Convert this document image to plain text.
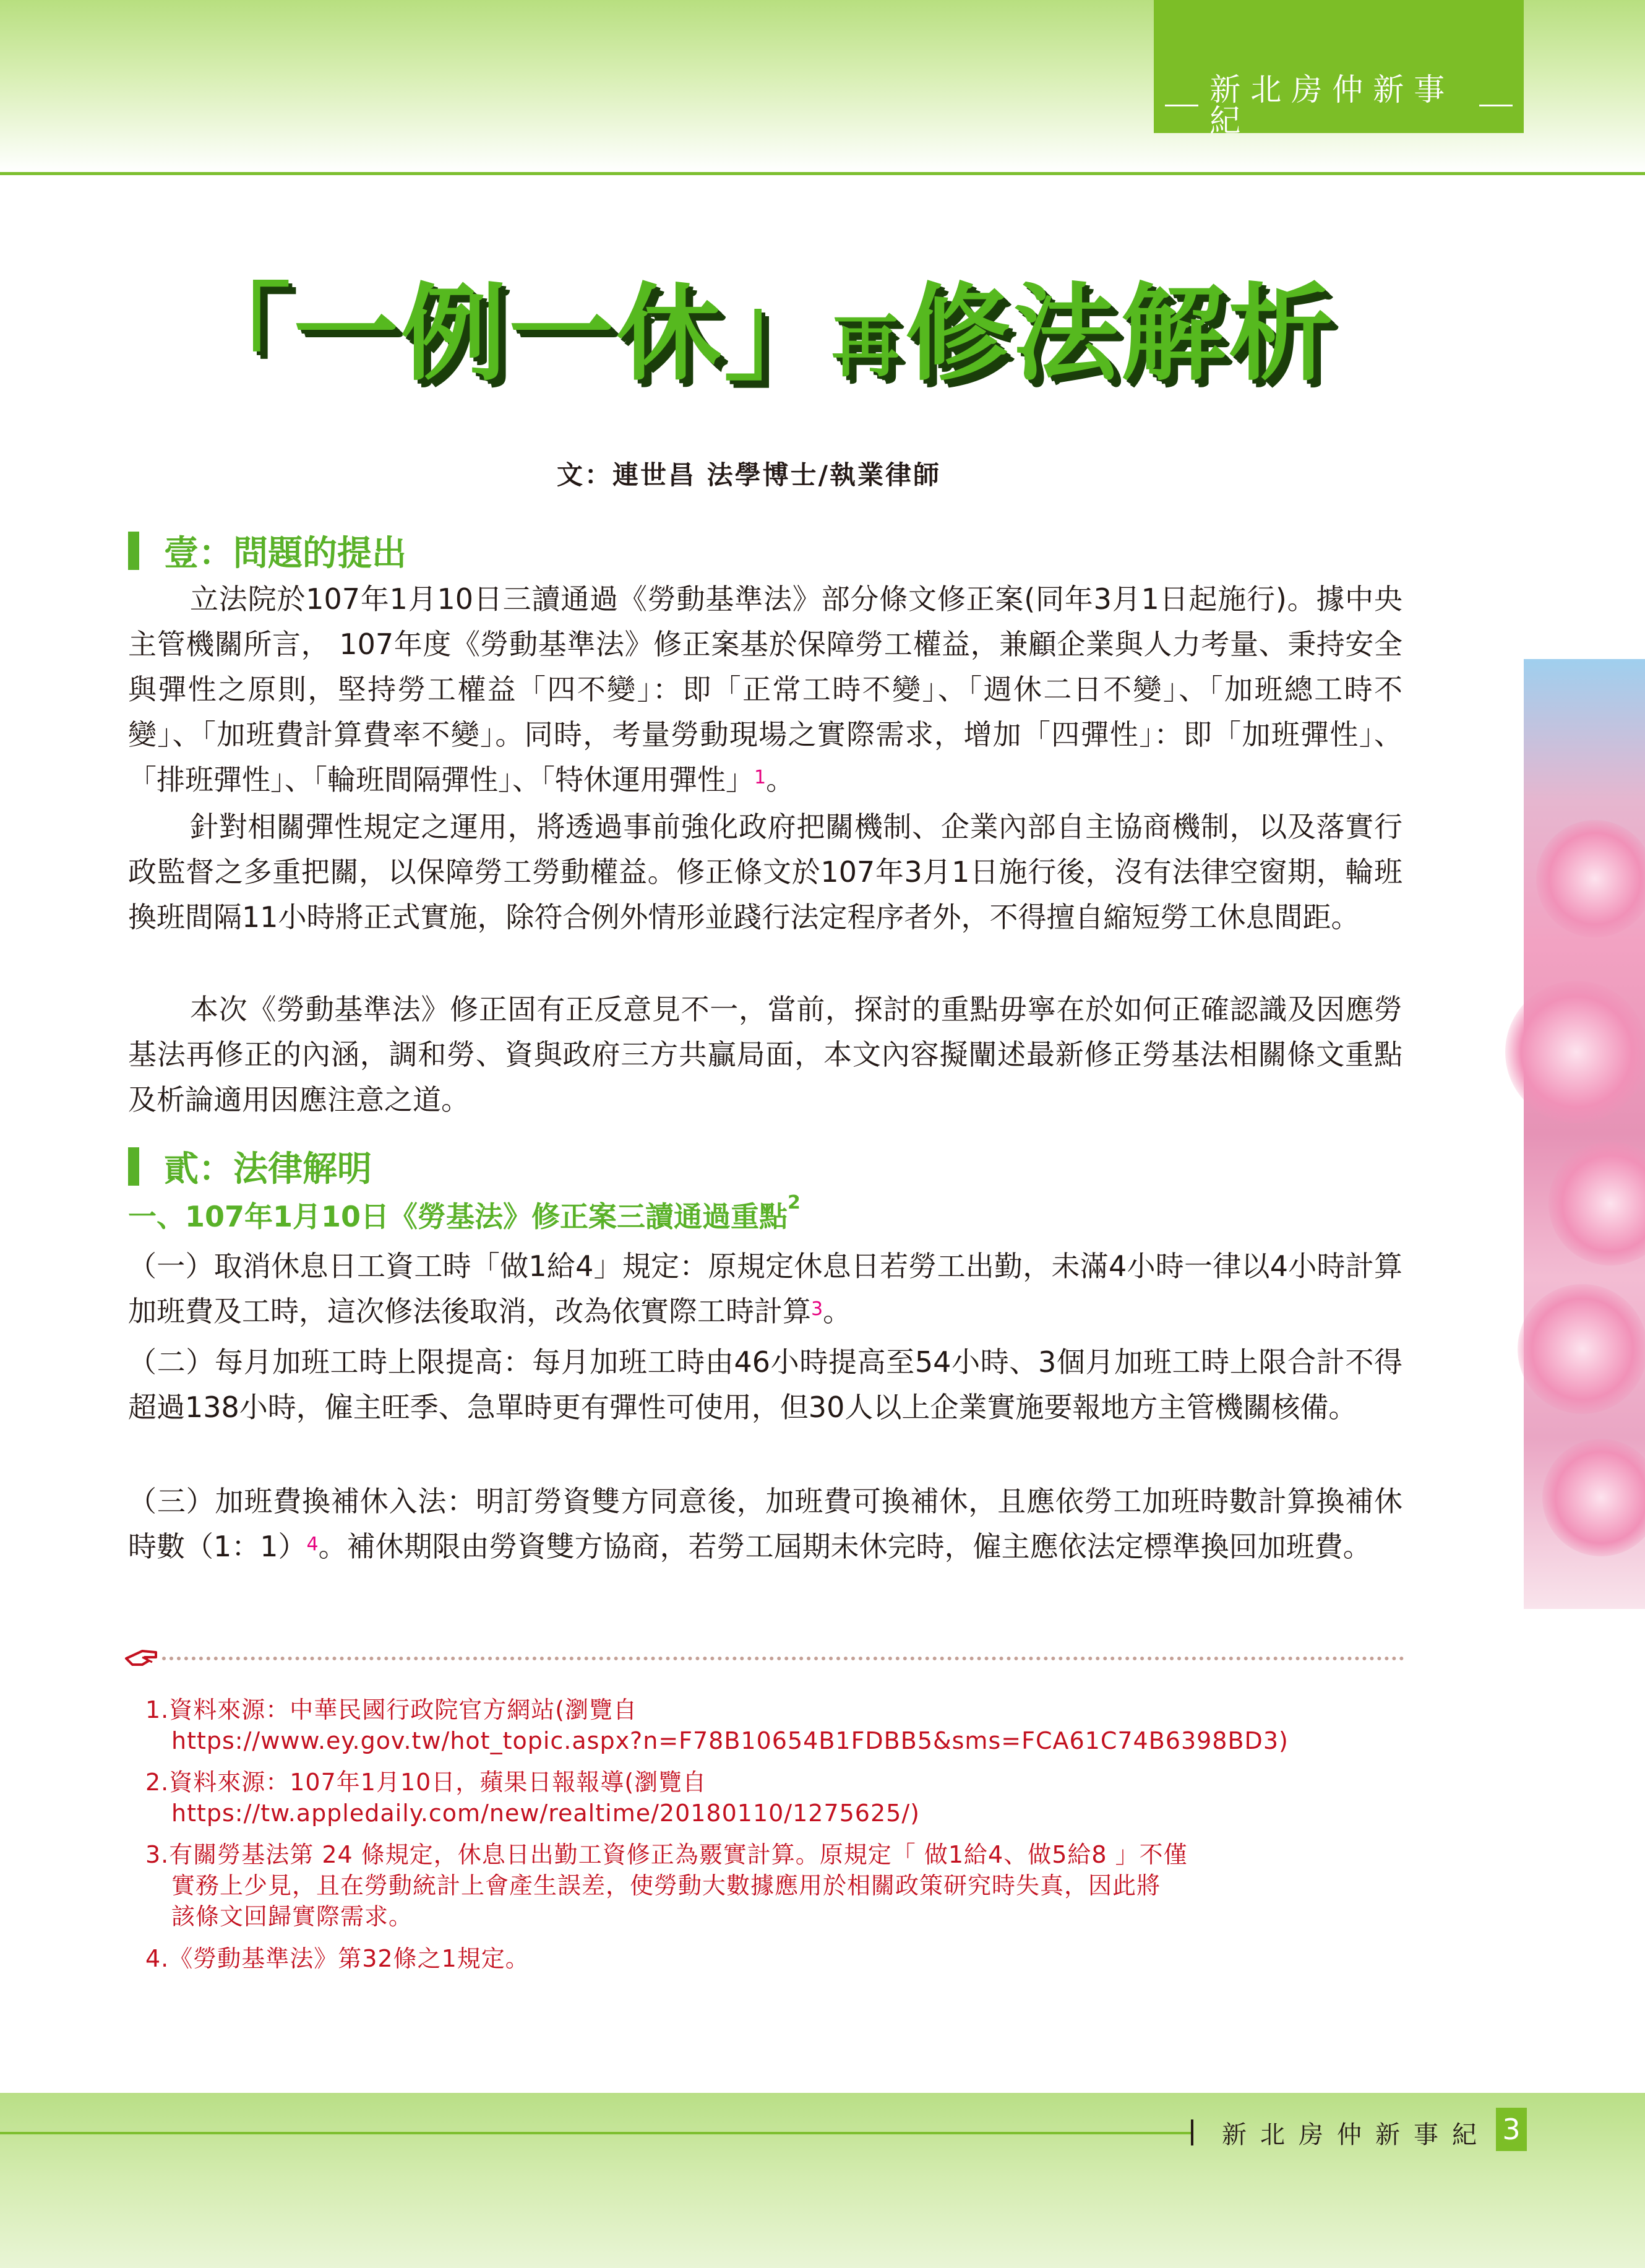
新北房仲新事紀
「一例一休」再 修法解析
文：連世昌 法學博士/執業律師
壹：問題的提出
立法院於107年1月10日三讀通過《勞動基準法》部分條文修正案(同年3月1日起施行)。據中央主管機關所言， 107年度《勞動基準法》修正案基於保障勞工權益，兼顧企業與人力考量、秉持安全與彈性之原則，堅持勞工權益「四不變」：即「正常工時不變」、「週休二日不變」、「加班總工時不變」、「加班費計算費率不變」。同時，考量勞動現場之實際需求，增加「四彈性」：即「加班彈性」、「排班彈性」、「輪班間隔彈性」、「特休運用彈性」$^1$。
針對相關彈性規定之運用，將透過事前強化政府把關機制、企業內部自主協商機制，以及落實行政監督之多重把關，以保障勞工勞動權益。修正條文於107年3月1日施行後，沒有法律空窗期，輪班換班間隔11小時將正式實施，除符合例外情形並踐行法定程序者外，不得擅自縮短勞工休息間距。
本次《勞動基準法》修正固有正反意見不一，當前，探討的重點毋寧在於如何正確認識及因應勞基法再修正的內涵，調和勞、資與政府三方共贏局面，本文內容擬闡述最新修正勞基法相關條文重點及析論適用因應注意之道。
貳：法律解明
一、107年1月10日《勞基法》修正案三讀通過重點$^2$
（一）取消休息日工資工時「做1給4」規定：原規定休息日若勞工出勤，未滿4小時一律以4小時計算加班費及工時，這次修法後取消，改為依實際工時計算$^3$。
（二）每月加班工時上限提高：每月加班工時由46小時提高至54小時、3個月加班工時上限合計不得超過138小時，僱主旺季、急單時更有彈性可使用，但30人以上企業實施要報地方主管機關核備。
（三）加班費換補休入法：明訂勞資雙方同意後，加班費可換補休，且應依勞工加班時數計算換補休時數（1：1）$^4$。補休期限由勞資雙方協商，若勞工屆期未休完時，僱主應依法定標準換回加班費。
1.資料來源：中華民國行政院官方網站(瀏覽自
https://www.ey.gov.tw/hot_topic.aspx?n=F78B10654B1FDBB5&sms=FCA61C74B6398BD3)
2.資料來源：107年1月10日，蘋果日報報導(瀏覽自
https://tw.appledaily.com/new/realtime/20180110/1275625/)
3.有關勞基法第 24 條規定，休息日出勤工資修正為覈實計算。原規定「 做1給4、做5給8 」不僅
實務上少見，且在勞動統計上會產生誤差，使勞動大數據應用於相關政策研究時失真，因此將
該條文回歸實際需求。
4.《勞動基準法》第32條之1規定。
新北房仲新事紀 3
